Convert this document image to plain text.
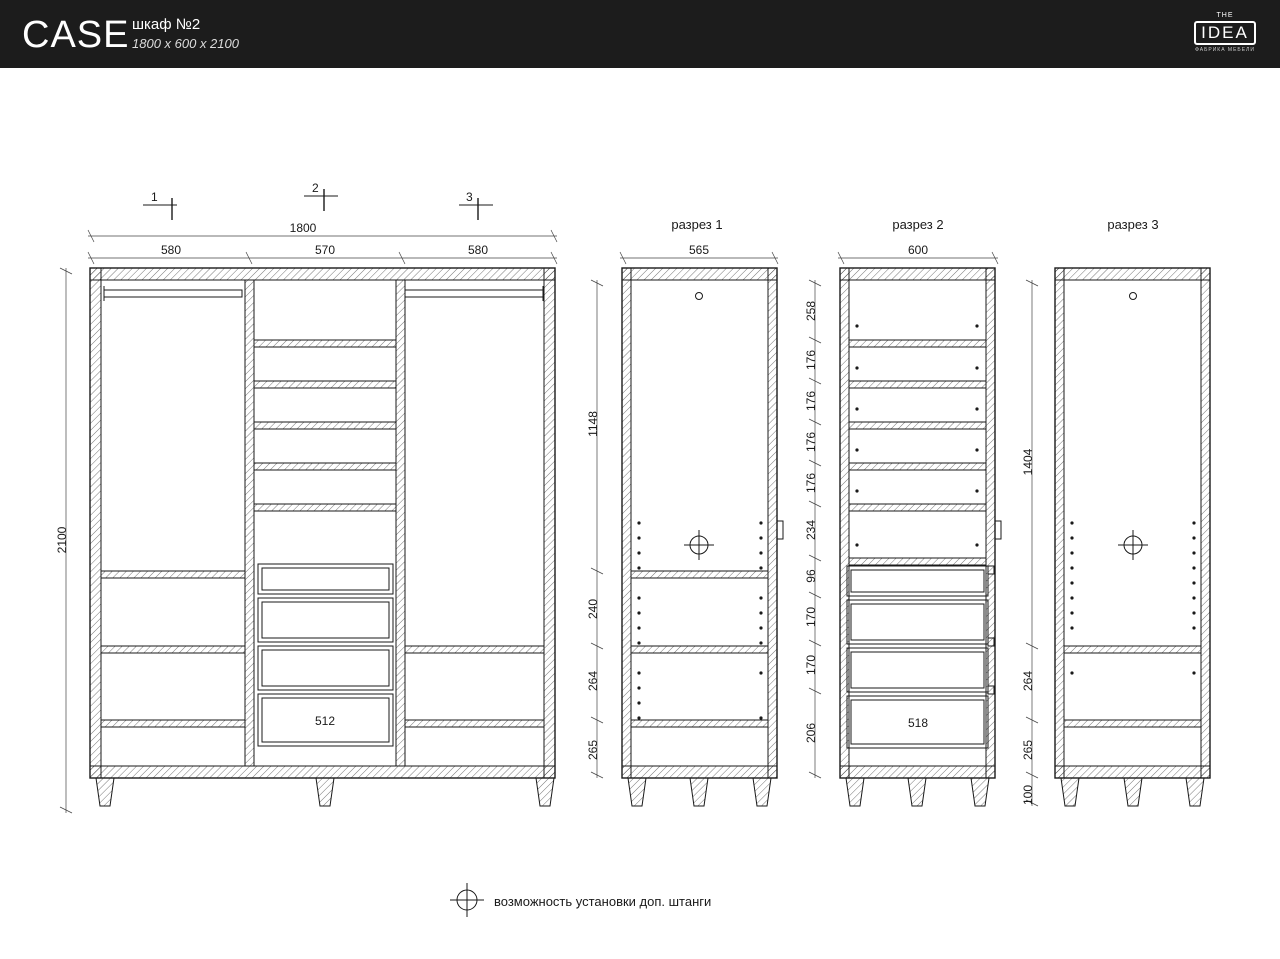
CASE шкаф №2
1800 x 600 x 2100
THE
IDEA
ФАБРИКА МЕБЕЛИ
1
2
3
1800
580	570	580
2100
512
разрез 1
565
1148
240
264
265
разрез 2
600
518
258
176
176
176
176
234
96
170
170
206
разрез 3
1404
264
265
100
возможность установки доп. штанги
